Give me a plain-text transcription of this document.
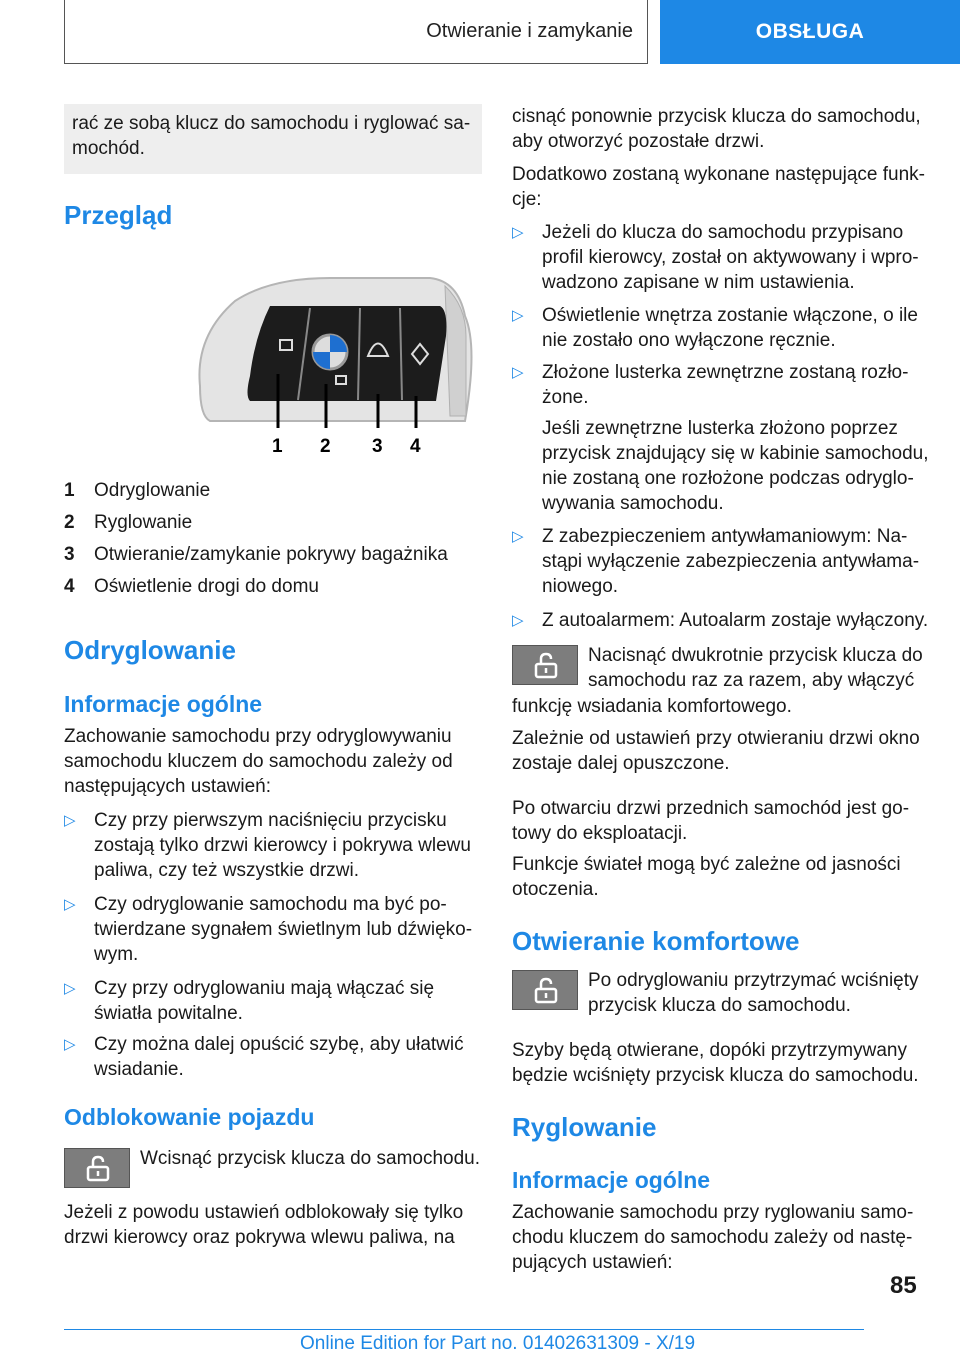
Otwieranie i zamykanie	OBSŁUGA

rać ze sobą klucz do samochodu i ryglować samochód.

Przegląd
1 2 3 4
1 Odryglowanie
2 Ryglowanie
3 Otwieranie/zamykanie pokrywy bagażnika
4 Oświetlenie drogi do domu
Odryglowanie
Informacje ogólne

Zachowanie samochodu przy odryglowywaniu samochodu kluczem do samochodu zależy od następujących ustawień:

▷ Czy przy pierwszym naciśnięciu przycisku zostają tylko drzwi kierowcy i pokrywa wlewu paliwa, czy też wszystkie drzwi.
▷ Czy odryglowanie samochodu ma być potwierdzane sygnałem świetlnym lub dźwiękowym.
▷ Czy przy odryglowaniu mają włączać się światła powitalne.
▷ Czy można dalej opuścić szybę, aby ułatwić wsiadanie.
Odblokowanie pojazdu

Wcisnąć przycisk klucza do samochodu.

Jeżeli z powodu ustawień odblokowały się tylko drzwi kierowcy oraz pokrywa wlewu paliwa, na

cisnąć ponownie przycisk klucza do samochodu, aby otworzyć pozostałe drzwi.

Dodatkowo zostaną wykonane następujące funkcje:

▷ Jeżeli do klucza do samochodu przypisano profil kierowcy, został on aktywowany i wprowadzono zapisane w nim ustawienia.
▷ Oświetlenie wnętrza zostanie włączone, o ile nie zostało ono wyłączone ręcznie.
▷ Złożone lusterka zewnętrzne zostaną rozłożone.

Jeśli zewnętrzne lusterka złożono poprzez przycisk znajdujący się w kabinie samochodu, nie zostaną one rozłożone podczas odryglowywania samochodu.

▷ Z zabezpieczeniem antywłamaniowym: Nastąpi wyłączenie zabezpieczenia antywłamaniowego.
▷ Z autoalarmem: Autoalarm zostaje wyłączony.

Nacisnąć dwukrotnie przycisk klucza do samochodu raz za razem, aby włączyć

funkcję wsiadania komfortowego.

Zależnie od ustawień przy otwieraniu drzwi okno zostaje dalej opuszczone.

Po otwarciu drzwi przednich samochód jest gotowy do eksploatacji.

Funkcje świateł mogą być zależne od jasności otoczenia.

Otwieranie komfortowe

Po odryglowaniu przytrzymać wciśnięty przycisk klucza do samochodu.

Szyby będą otwierane, dopóki przytrzymywany będzie wciśnięty przycisk klucza do samochodu.

Ryglowanie
Informacje ogólne

Zachowanie samochodu przy ryglowaniu samochodu kluczem do samochodu zależy od następujących ustawień:

85
Online Edition for Part no. 01402631309 - X/19
